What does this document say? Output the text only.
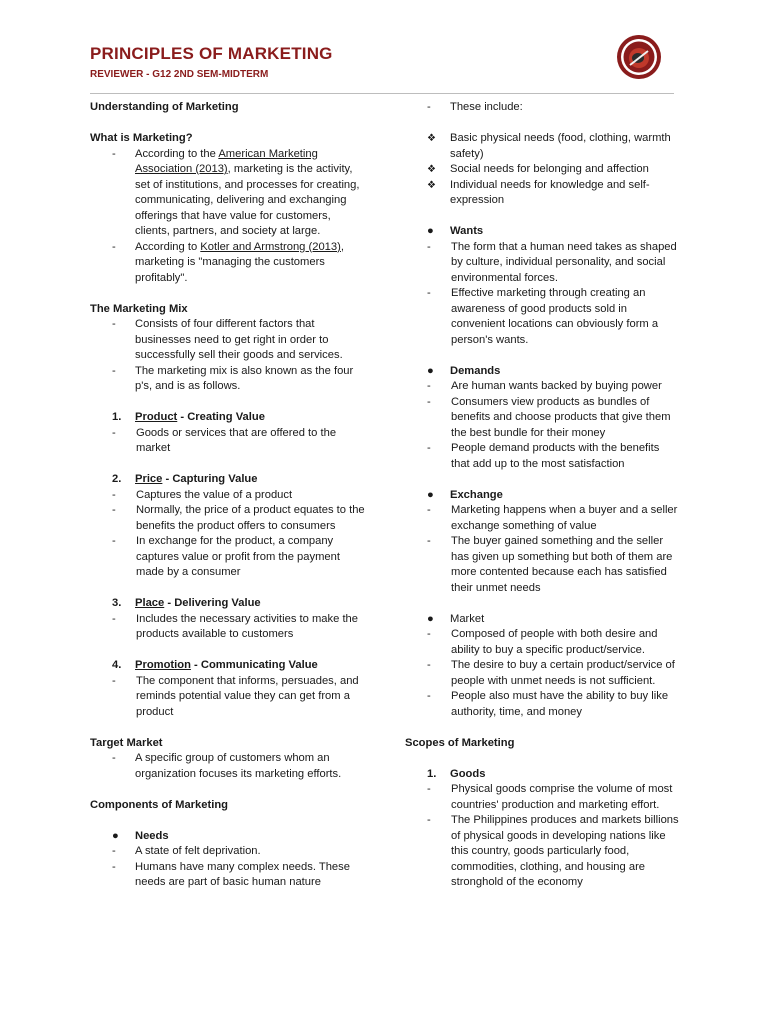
PRINCIPLES OF MARKETING
REVIEWER - G12 2ND SEM-MIDTERM
Understanding of Marketing
What is Marketing?
-	According to the American Marketing Association (2013), marketing is the activity, set of institutions, and processes for creating, communicating, delivering and exchanging offerings that have value for customers, clients, partners, and society at large.
-	According to Kotler and Armstrong (2013), marketing is "managing the customers profitably".
The Marketing Mix
-	Consists of four different factors that businesses need to get right in order to successfully sell their goods and services.
-	The marketing mix is also known as the four p's, and is as follows.
1.	Product - Creating Value
-	Goods or services that are offered to the market
2.	Price - Capturing Value
-	Captures the value of a product
-	Normally, the price of a product equates to the benefits the product offers to consumers
-	In exchange for the product, a company captures value or profit from the payment made by a consumer
3.	Place - Delivering Value
-	Includes the necessary activities to make the products available to customers
4.	Promotion - Communicating Value
-	The component that informs, persuades, and reminds potential value they can get from a product
Target Market
-	A specific group of customers whom an organization focuses its marketing efforts.
Components of Marketing
●	Needs
-	A state of felt deprivation.
-	Humans have many complex needs. These needs are part of basic human nature
-	These include:
❖	Basic physical needs (food, clothing, warmth safety)
❖	Social needs for belonging and affection
❖	Individual needs for knowledge and self-expression
●	Wants
-	The form that a human need takes as shaped by culture, individual personality, and social environmental forces.
-	Effective marketing through creating an awareness of good products sold in convenient locations can obviously form a person's wants.
●	Demands
-	Are human wants backed by buying power
-	Consumers view products as bundles of benefits and choose products that give them the best bundle for their money
-	People demand products with the benefits that add up to the most satisfaction
●	Exchange
-	Marketing happens when a buyer and a seller exchange something of value
-	The buyer gained something and the seller has given up something but both of them are more contented because each has satisfied their unmet needs
●	Market
-	Composed of people with both desire and ability to buy a specific product/service.
-	The desire to buy a certain product/service of people with unmet needs is not sufficient.
-	People also must have the ability to buy like authority, time, and money
Scopes of Marketing
1.	Goods
-	Physical goods comprise the volume of most countries' production and marketing effort.
-	The Philippines produces and markets billions of physical goods in developing nations like this country, goods particularly food, commodities, clothing, and housing are stronghold of the economy
